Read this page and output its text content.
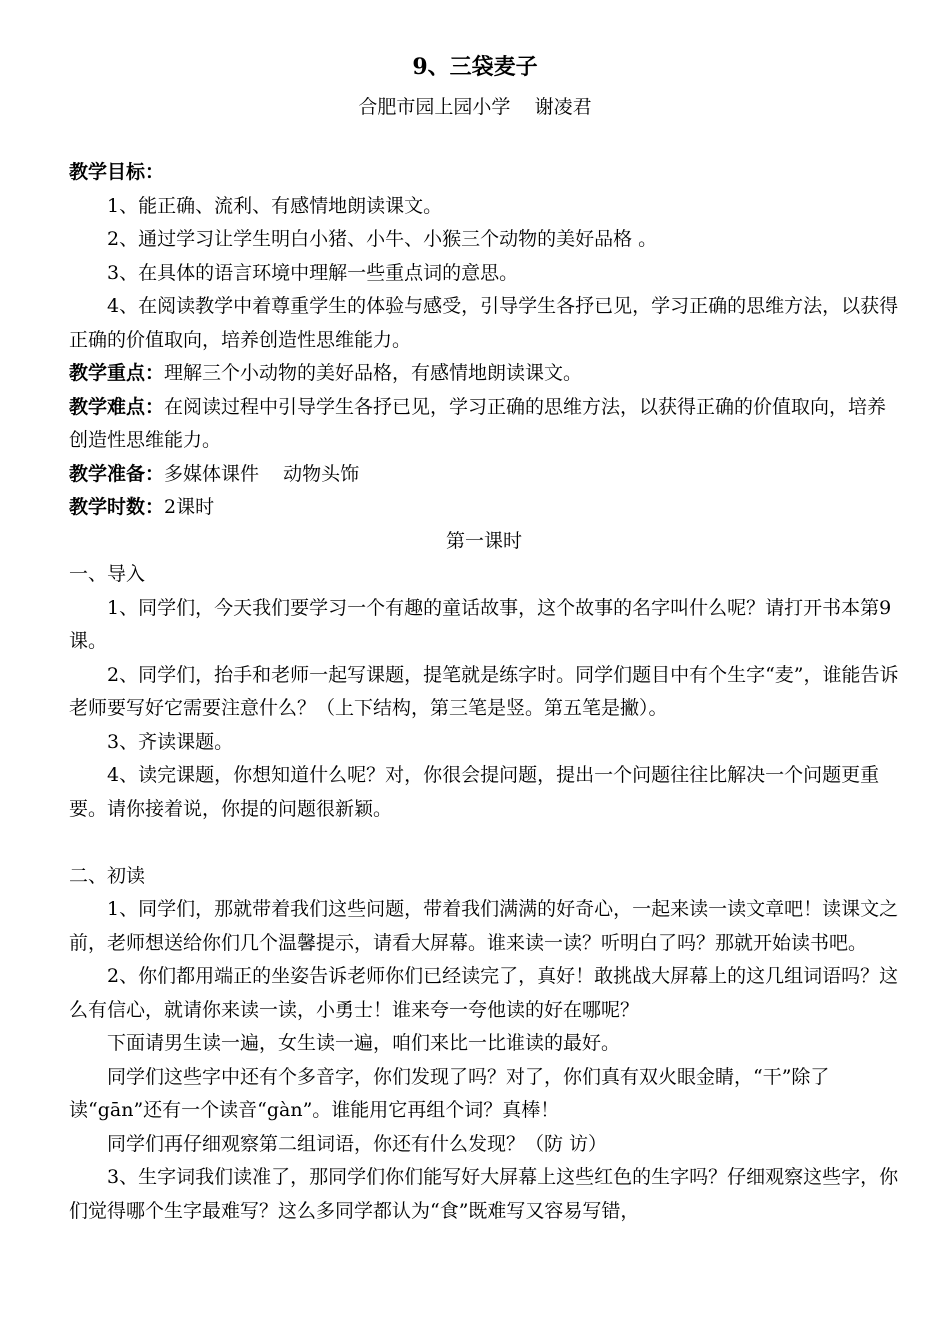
9、三袋麦子
合肥市园上园小学    谢凌君

教学目标：

1、能正确、流利、有感情地朗读课文。

2、通过学习让学生明白小猪、小牛、小猴三个动物的美好品格 。

3、在具体的语言环境中理解一些重点词的意思。

4、在阅读教学中着尊重学生的体验与感受，引导学生各抒已见，学习正确的思维方法，以获得正确的价值取向，培养创造性思维能力。

教学重点：理解三个小动物的美好品格，有感情地朗读课文。

教学难点：在阅读过程中引导学生各抒已见，学习正确的思维方法，以获得正确的价值取向，培养创造性思维能力。

教学准备：多媒体课件    动物头饰

教学时数：2课时

第一课时

一、导入

1、同学们，今天我们要学习一个有趣的童话故事，这个故事的名字叫什么呢？请打开书本第9课。

2、同学们，抬手和老师一起写课题，提笔就是练字时。同学们题目中有个生字“麦”，谁能告诉老师要写好它需要注意什么？（上下结构，第三笔是竖。第五笔是撇）。

3、齐读课题。

4、读完课题，你想知道什么呢？对，你很会提问题，提出一个问题往往比解决一个问题更重要。请你接着说，你提的问题很新颖。

二、初读

1、同学们，那就带着我们这些问题，带着我们满满的好奇心，一起来读一读文章吧！读课文之前，老师想送给你们几个温馨提示，请看大屏幕。谁来读一读？听明白了吗？那就开始读书吧。

2、你们都用端正的坐姿告诉老师你们已经读完了，真好！敢挑战大屏幕上的这几组词语吗？这么有信心，就请你来读一读，小勇士！谁来夸一夸他读的好在哪呢？

下面请男生读一遍，女生读一遍，咱们来比一比谁读的最好。

同学们这些字中还有个多音字，你们发现了吗？对了，你们真有双火眼金睛，“干”除了读“gān”还有一个读音“gàn”。谁能用它再组个词？真棒！

同学们再仔细观察第二组词语，你还有什么发现？（防 访）

3、生字词我们读准了，那同学们你们能写好大屏幕上这些红色的生字吗？仔细观察这些字，你们觉得哪个生字最难写？这么多同学都认为“食”既难写又容易写错，
